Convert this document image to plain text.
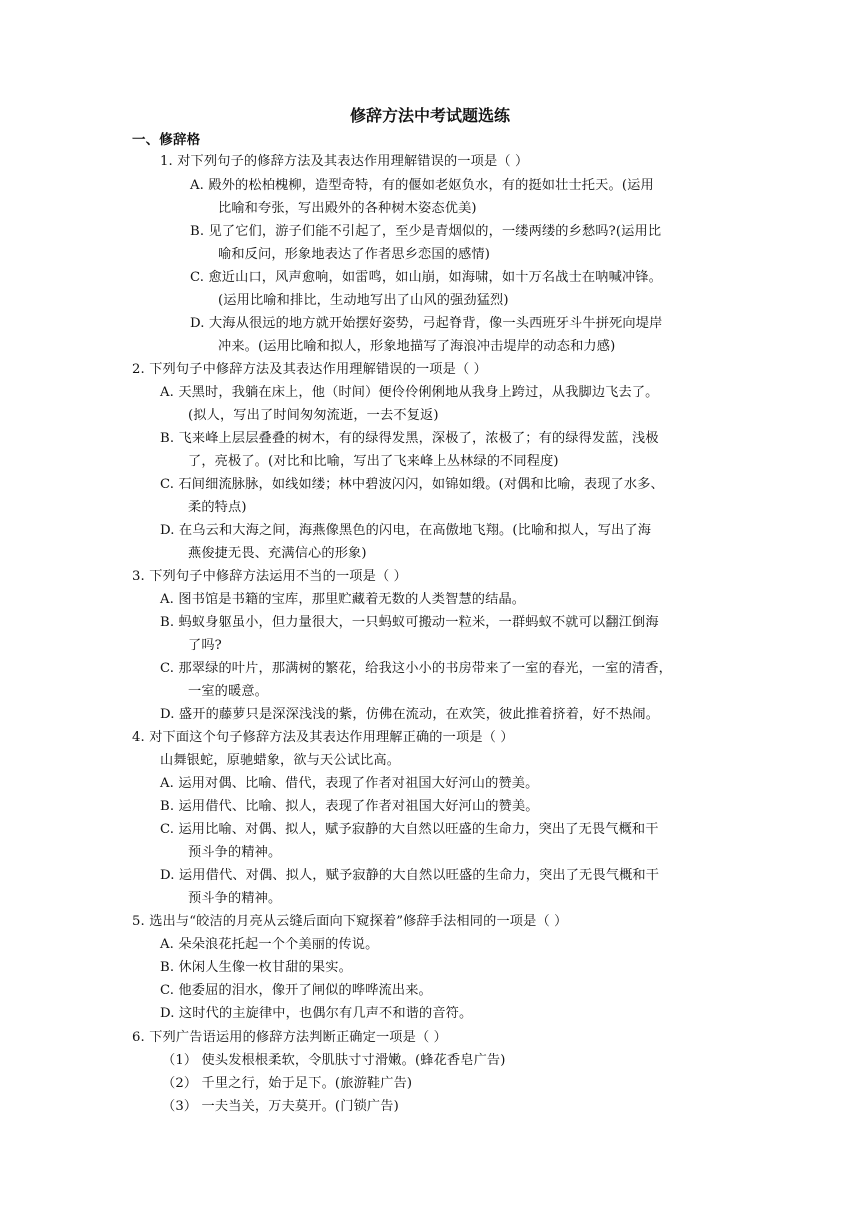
修辞方法中考试题选练
一、修辞格
1. 对下列句子的修辞方法及其表达作用理解错误的一项是（ ）
A. 殿外的松柏槐柳，造型奇特，有的偃如老妪负水，有的挺如壮士托天。(运用
比喻和夸张，写出殿外的各种树木姿态优美)
B. 见了它们，游子们能不引起了，至少是青烟似的，一缕两缕的乡愁吗?(运用比
喻和反问，形象地表达了作者思乡恋国的感情)
C. 愈近山口，风声愈响，如雷鸣，如山崩，如海啸，如十万名战士在呐喊冲锋。
(运用比喻和排比，生动地写出了山风的强劲猛烈)
D. 大海从很远的地方就开始摆好姿势，弓起脊背，像一头西班牙斗牛拼死向堤岸
冲来。(运用比喻和拟人，形象地描写了海浪冲击堤岸的动态和力感)
2. 下列句子中修辞方法及其表达作用理解错误的一项是（ ）
A. 天黑时，我躺在床上，他（时间）便伶伶俐俐地从我身上跨过，从我脚边飞去了。
(拟人，写出了时间匆匆流逝，一去不复返)
B. 飞来峰上层层叠叠的树木，有的绿得发黑，深极了，浓极了；有的绿得发蓝，浅极
了，亮极了。(对比和比喻，写出了飞来峰上丛林绿的不同程度)
C. 石间细流脉脉，如线如缕；林中碧波闪闪，如锦如缎。(对偶和比喻，表现了水多、
柔的特点)
D. 在乌云和大海之间，海燕像黑色的闪电，在高傲地飞翔。(比喻和拟人，写出了海
燕俊捷无畏、充满信心的形象)
3. 下列句子中修辞方法运用不当的一项是（ ）
A. 图书馆是书籍的宝库，那里贮藏着无数的人类智慧的结晶。
B. 蚂蚁身躯虽小，但力量很大，一只蚂蚁可搬动一粒米，一群蚂蚁不就可以翻江倒海
了吗?
C. 那翠绿的叶片，那满树的繁花，给我这小小的书房带来了一室的春光，一室的清香，
一室的暖意。
D. 盛开的藤萝只是深深浅浅的紫，仿佛在流动，在欢笑，彼此推着挤着，好不热闹。
4. 对下面这个句子修辞方法及其表达作用理解正确的一项是（ ）
山舞银蛇，原驰蜡象，欲与天公试比高。
A. 运用对偶、比喻、借代，表现了作者对祖国大好河山的赞美。
B. 运用借代、比喻、拟人，表现了作者对祖国大好河山的赞美。
C. 运用比喻、对偶、拟人，赋予寂静的大自然以旺盛的生命力，突出了无畏气概和干
预斗争的精神。
D. 运用借代、对偶、拟人，赋予寂静的大自然以旺盛的生命力，突出了无畏气概和干
预斗争的精神。
5. 选出与“皎洁的月亮从云缝后面向下窥探着”修辞手法相同的一项是（ ）
A. 朵朵浪花托起一个个美丽的传说。
B. 休闲人生像一枚甘甜的果实。
C. 他委屈的泪水，像开了闸似的哗哗流出来。
D. 这时代的主旋律中，也偶尔有几声不和谐的音符。
6. 下列广告语运用的修辞方法判断正确定一项是（ ）
（1） 使头发根根柔软，令肌肤寸寸滑嫩。(蜂花香皂广告)
（2） 千里之行，始于足下。(旅游鞋广告)
（3） 一夫当关，万夫莫开。(门锁广告)
